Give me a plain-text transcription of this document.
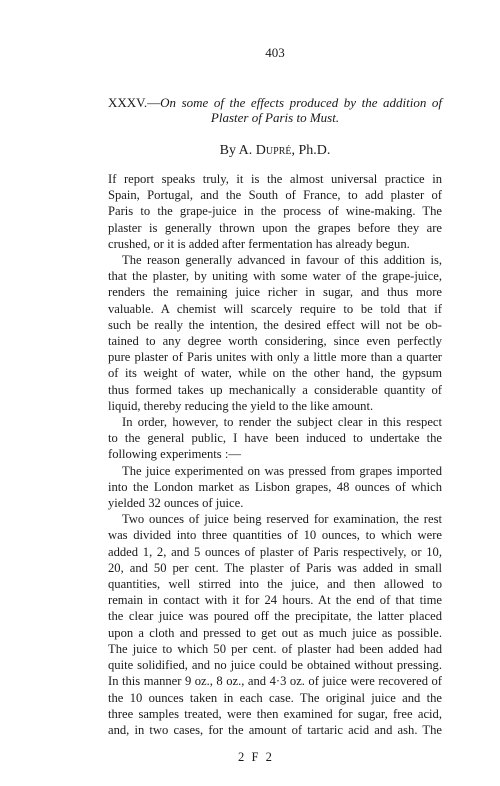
403
XXXV.—On some of the effects produced by the addition of
Plaster of Paris to Must.
By A. Dupré, Ph.D.

If report speaks truly, it is the almost universal practice in
Spain, Portugal, and the South of France, to add plaster of
Paris to the grape-juice in the process of wine-making. The
plaster is generally thrown upon the grapes before they are
crushed, or it is added after fermentation has already begun.

The reason generally advanced in favour of this addition is,
that the plaster, by uniting with some water of the grape-juice,
renders the remaining juice richer in sugar, and thus more
valuable. A chemist will scarcely require to be told that if
such be really the intention, the desired effect will not be ob-
tained to any degree worth considering, since even perfectly
pure plaster of Paris unites with only a little more than a quarter
of its weight of water, while on the other hand, the gypsum
thus formed takes up mechanically a considerable quantity of
liquid, thereby reducing the yield to the like amount.

In order, however, to render the subject clear in this respect
to the general public, I have been induced to undertake the
following experiments :—

The juice experimented on was pressed from grapes imported
into the London market as Lisbon grapes, 48 ounces of which
yielded 32 ounces of juice.

Two ounces of juice being reserved for examination, the rest
was divided into three quantities of 10 ounces, to which were
added 1, 2, and 5 ounces of plaster of Paris respectively, or 10,
20, and 50 per cent. The plaster of Paris was added in small
quantities, well stirred into the juice, and then allowed to
remain in contact with it for 24 hours. At the end of that time
the clear juice was poured off the precipitate, the latter placed
upon a cloth and pressed to get out as much juice as possible.
The juice to which 50 per cent. of plaster had been added had
quite solidified, and no juice could be obtained without pressing.
In this manner 9 oz., 8 oz., and 4·3 oz. of juice were recovered of
the 10 ounces taken in each case. The original juice and the
three samples treated, were then examined for sugar, free acid,
and, in two cases, for the amount of tartaric acid and ash. The

2 F 2
